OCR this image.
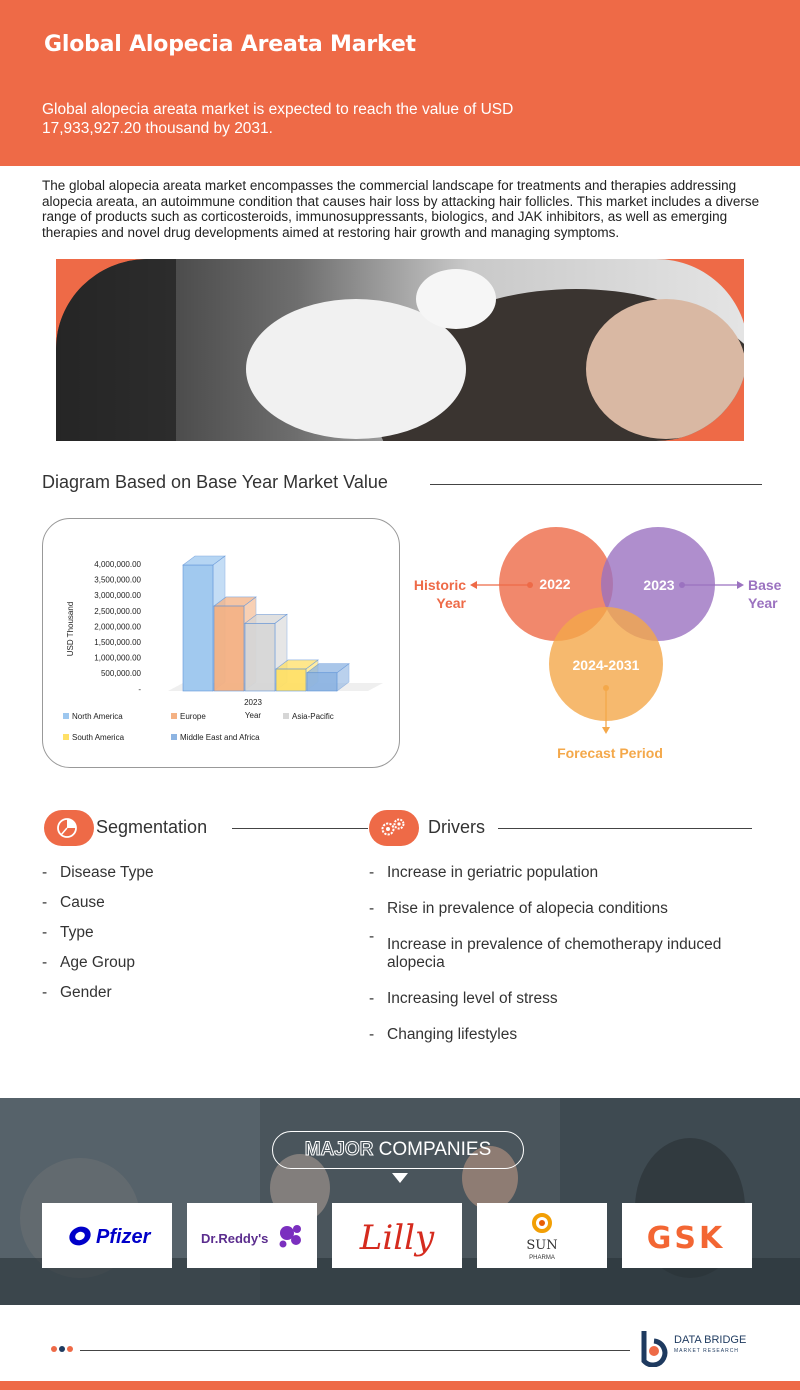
Global Alopecia Areata Market
Global alopecia areata market is expected to reach the value of USD 17,933,927.20 thousand by 2031.
The global alopecia areata market encompasses the commercial landscape for treatments and therapies addressing alopecia areata, an autoimmune condition that causes hair loss by attacking hair follicles. This market includes a diverse range of products such as corticosteroids, immunosuppressants, biologics, and JAK inhibitors, as well as emerging therapies and novel drug developments aimed at restoring hair growth and managing symptoms.
Diagram Based on Base Year Market Value
4,000,000.00
3,500,000.00
3,000,000.00
2,500,000.00
2,000,000.00
1,500,000.00
1,000,000.00
500,000.00
-
USD Thousand
2023
Year
North America	Europe	Asia-Pacific
South America	Middle East and Africa
2022	2023
2024-2031
Historic
Year
Base
Year
Forecast Period
Segmentation
- Disease Type
- Cause
- Type
- Age Group
- Gender
Drivers
- Increase in geriatric population
- Rise in prevalence of alopecia conditions
- Increase in prevalence of chemotherapy induced alopecia
- Increasing level of stress
- Changing lifestyles
MAJOR COMPANIES
Pfizer	Dr.Reddy's	Lilly	SUN
PHARMA
GSK
DATA BRIDGE
MARKET RESEARCH
